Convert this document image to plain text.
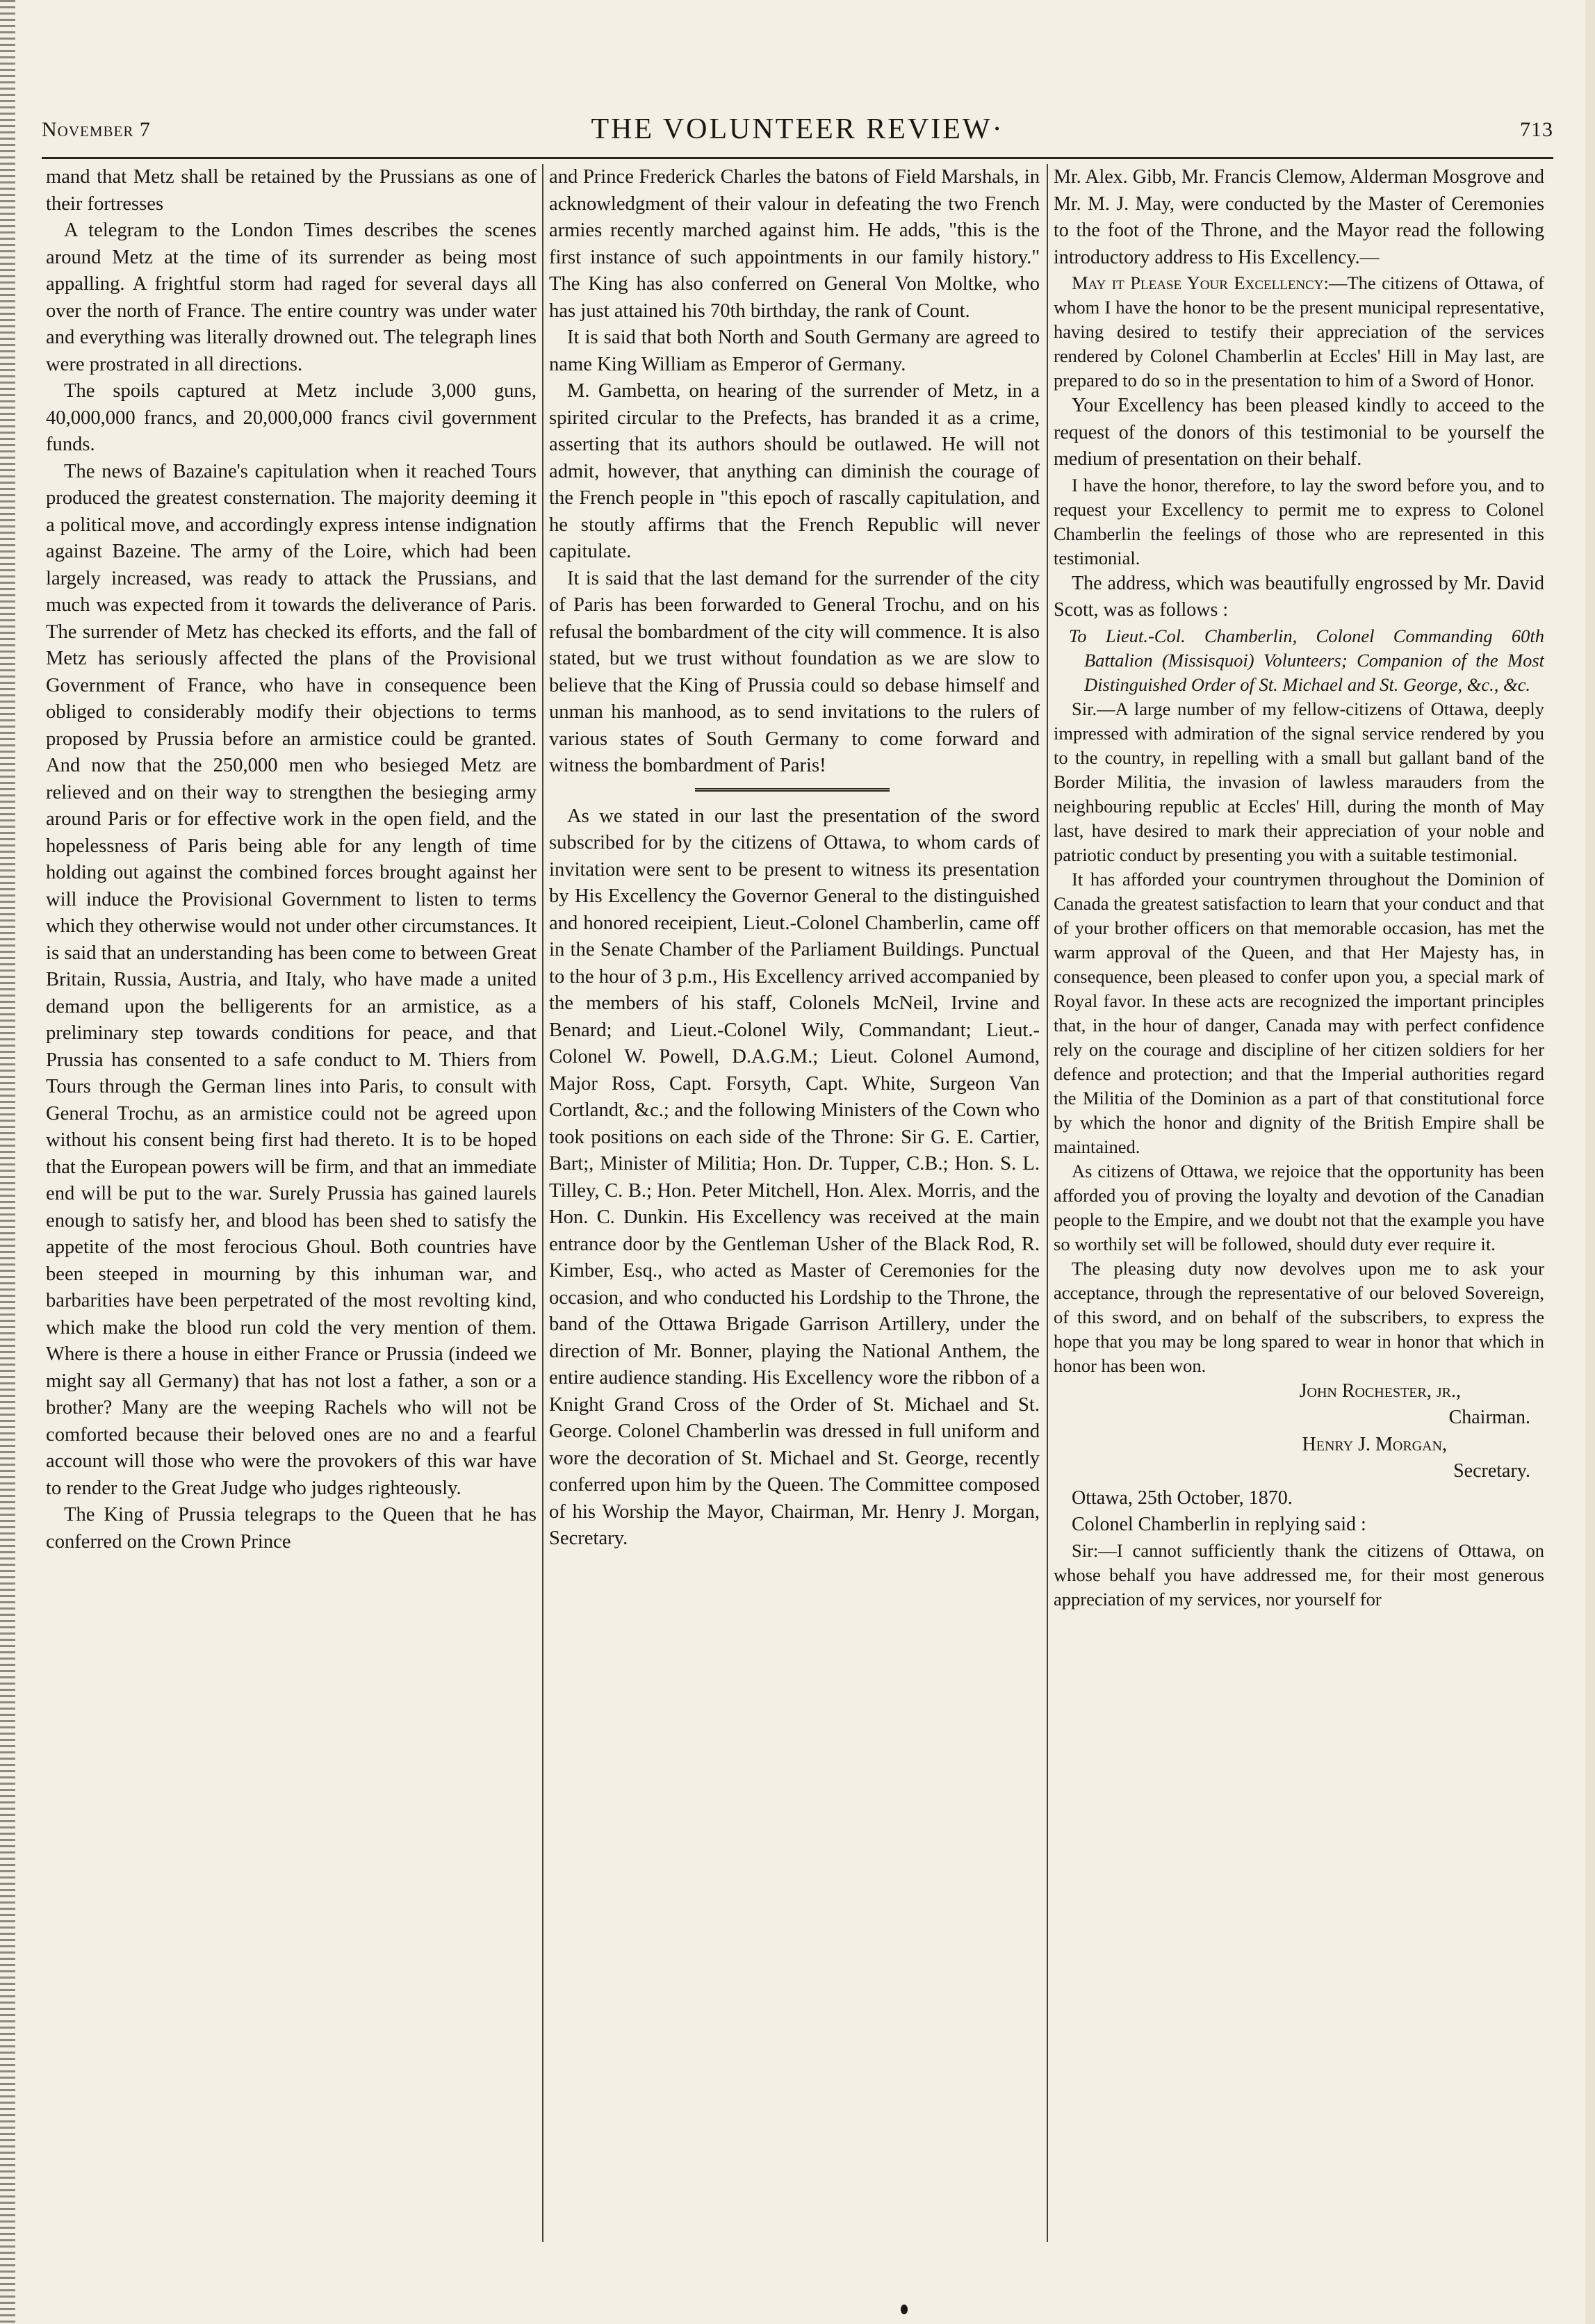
November 7	THE VOLUNTEER REVIEW·	713

mand that Metz shall be retained by the Prussians as one of their fortresses

A telegram to the London Times describes the scenes around Metz at the time of its surrender as being most appalling. A frightful storm had raged for several days all over the north of France. The entire country was under water and everything was literally drowned out. The telegraph lines were prostrated in all directions.

The spoils captured at Metz include 3,000 guns, 40,000,000 francs, and 20,000,000 francs civil government funds.

The news of Bazaine's capitulation when it reached Tours produced the greatest consternation. The majority deeming it a political move, and accordingly express intense indignation against Bazeine. The army of the Loire, which had been largely increased, was ready to attack the Prussians, and much was expected from it towards the deliverance of Paris. The surrender of Metz has checked its efforts, and the fall of Metz has seriously affected the plans of the Provisional Government of France, who have in consequence been obliged to considerably modify their objections to terms proposed by Prussia before an armistice could be granted. And now that the 250,000 men who besieged Metz are relieved and on their way to strengthen the besieging army around Paris or for effective work in the open field, and the hopelessness of Paris being able for any length of time holding out against the combined forces brought against her will induce the Provisional Government to listen to terms which they otherwise would not under other circumstances. It is said that an understanding has been come to between Great Britain, Russia, Austria, and Italy, who have made a united demand upon the belligerents for an armistice, as a preliminary step towards conditions for peace, and that Prussia has consented to a safe conduct to M. Thiers from Tours through the German lines into Paris, to consult with General Trochu, as an armistice could not be agreed upon without his consent being first had thereto. It is to be hoped that the European powers will be firm, and that an immediate end will be put to the war. Surely Prussia has gained laurels enough to satisfy her, and blood has been shed to satisfy the appetite of the most ferocious Ghoul. Both countries have been steeped in mourning by this inhuman war, and barbarities have been perpetrated of the most revolting kind, which make the blood run cold the very mention of them. Where is there a house in either France or Prussia (indeed we might say all Germany) that has not lost a father, a son or a brother? Many are the weeping Rachels who will not be comforted because their beloved ones are no and a fearful account will those who were the provokers of this war have to render to the Great Judge who judges righteously.

The King of Prussia telegraps to the Queen that he has conferred on the Crown Prince

and Prince Frederick Charles the batons of Field Marshals, in acknowledgment of their valour in defeating the two French armies recently marched against him. He adds, "this is the first instance of such appointments in our family history." The King has also conferred on General Von Moltke, who has just attained his 70th birthday, the rank of Count.

It is said that both North and South Germany are agreed to name King William as Emperor of Germany.

M. Gambetta, on hearing of the surrender of Metz, in a spirited circular to the Prefects, has branded it as a crime, asserting that its authors should be outlawed. He will not admit, however, that anything can diminish the courage of the French people in "this epoch of rascally capitulation, and he stoutly affirms that the French Republic will never capitulate.

It is said that the last demand for the surrender of the city of Paris has been forwarded to General Trochu, and on his refusal the bombardment of the city will commence. It is also stated, but we trust without foundation as we are slow to believe that the King of Prussia could so debase himself and unman his manhood, as to send invitations to the rulers of various states of South Germany to come forward and witness the bombardment of Paris!

As we stated in our last the presentation of the sword subscribed for by the citizens of Ottawa, to whom cards of invitation were sent to be present to witness its presentation by His Excellency the Governor General to the distinguished and honored receipient, Lieut.-Colonel Chamberlin, came off in the Senate Chamber of the Parliament Buildings. Punctual to the hour of 3 p.m., His Excellency arrived accompanied by the members of his staff, Colonels McNeil, Irvine and Benard; and Lieut.-Colonel Wily, Commandant; Lieut.-Colonel W. Powell, D.A.G.M.; Lieut. Colonel Aumond, Major Ross, Capt. Forsyth, Capt. White, Surgeon Van Cortlandt, &c.; and the following Ministers of the Cown who took positions on each side of the Throne: Sir G. E. Cartier, Bart;, Minister of Militia; Hon. Dr. Tupper, C.B.; Hon. S. L. Tilley, C. B.; Hon. Peter Mitchell, Hon. Alex. Morris, and the Hon. C. Dunkin. His Excellency was received at the main entrance door by the Gentleman Usher of the Black Rod, R. Kimber, Esq., who acted as Master of Ceremonies for the occasion, and who conducted his Lordship to the Throne, the band of the Ottawa Brigade Garrison Artillery, under the direction of Mr. Bonner, playing the National Anthem, the entire audience standing. His Excellency wore the ribbon of a Knight Grand Cross of the Order of St. Michael and St. George. Colonel Chamberlin was dressed in full uniform and wore the decoration of St. Michael and St. George, recently conferred upon him by the Queen. The Committee composed of his Worship the Mayor, Chairman, Mr. Henry J. Morgan, Secretary.

Mr. Alex. Gibb, Mr. Francis Clemow, Alderman Mosgrove and Mr. M. J. May, were conducted by the Master of Ceremonies to the foot of the Throne, and the Mayor read the following introductory address to His Excellency.—

May it Please Your Excellency:—The citizens of Ottawa, of whom I have the honor to be the present municipal representative, having desired to testify their appreciation of the services rendered by Colonel Chamberlin at Eccles' Hill in May last, are prepared to do so in the presentation to him of a Sword of Honor.

Your Excellency has been pleased kindly to acceed to the request of the donors of this testimonial to be yourself the medium of presentation on their behalf.

I have the honor, therefore, to lay the sword before you, and to request your Excellency to permit me to express to Colonel Chamberlin the feelings of those who are represented in this testimonial.

The address, which was beautifully engrossed by Mr. David Scott, was as follows :

To Lieut.-Col. Chamberlin, Colonel Commanding 60th Battalion (Missisquoi) Volunteers; Companion of the Most Distinguished Order of St. Michael and St. George, &c., &c.

Sir.—A large number of my fellow-citizens of Ottawa, deeply impressed with admiration of the signal service rendered by you to the country, in repelling with a small but gallant band of the Border Militia, the invasion of lawless marauders from the neighbouring republic at Eccles' Hill, during the month of May last, have desired to mark their appreciation of your noble and patriotic conduct by presenting you with a suitable testimonial.

It has afforded your countrymen throughout the Dominion of Canada the greatest satisfaction to learn that your conduct and that of your brother officers on that memorable occasion, has met the warm approval of the Queen, and that Her Majesty has, in consequence, been pleased to confer upon you, a special mark of Royal favor. In these acts are recognized the important principles that, in the hour of danger, Canada may with perfect confidence rely on the courage and discipline of her citizen soldiers for her defence and protection; and that the Imperial authorities regard the Militia of the Dominion as a part of that constitutional force by which the honor and dignity of the British Empire shall be maintained.

As citizens of Ottawa, we rejoice that the opportunity has been afforded you of proving the loyalty and devotion of the Canadian people to the Empire, and we doubt not that the example you have so worthily set will be followed, should duty ever require it.

The pleasing duty now devolves upon me to ask your acceptance, through the representative of our beloved Sovereign, of this sword, and on behalf of the subscribers, to express the hope that you may be long spared to wear in honor that which in honor has been won.

John Rochester, jr.,
Chairman.
Henry J. Morgan,
Secretary.

Ottawa, 25th October, 1870.

Colonel Chamberlin in replying said :

Sir:—I cannot sufficiently thank the citizens of Ottawa, on whose behalf you have addressed me, for their most generous appreciation of my services, nor yourself for
